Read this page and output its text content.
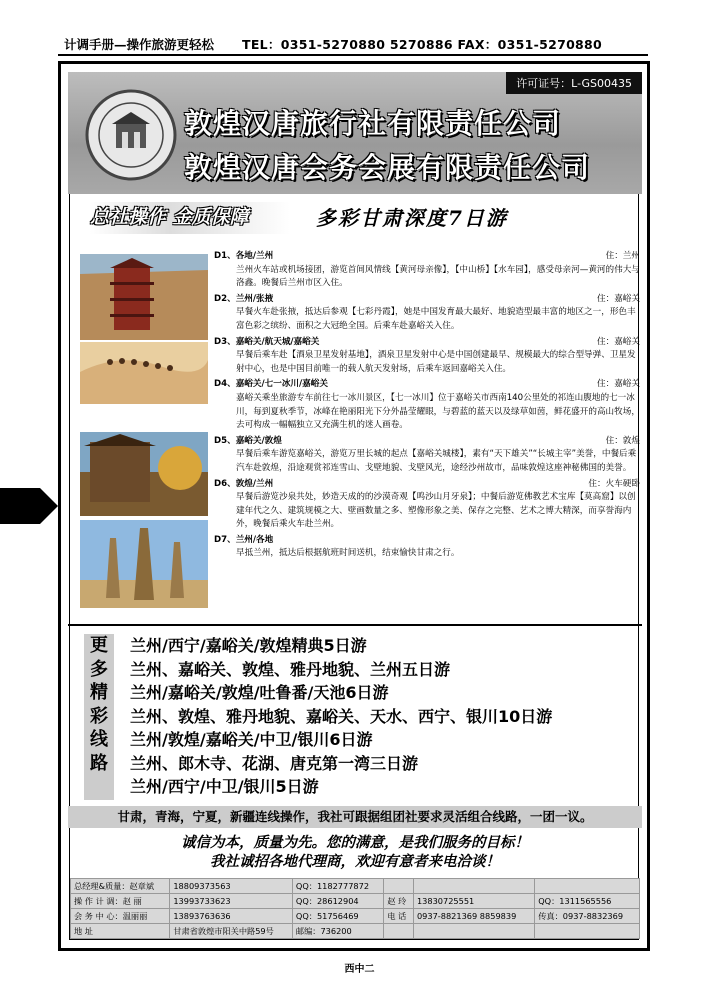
计调手册—操作旅游更轻松 TEL：0351-5270880 5270886 FAX：0351-5270880
许可证号：L-GS00435
敦煌汉唐旅行社有限责任公司
敦煌汉唐会务会展有限责任公司
总社操作 金质保障	多彩甘肃深度7日游
D1、各地/兰州	住：兰州
兰州火车站或机场接团，游览首间风情线【黄河母亲像】，【中山桥】【水车园】，感受母亲河—黄河的伟大与洛鑫。晚餐后兰州市区入住。
D2、兰州/张掖	住：嘉峪关
早餐火车赴张掖，抵达后参观【七彩丹霞】，她是中国发育最大最好、地貌造型最丰富的地区之一，形色丰富色彩之缤纷、面积之大冠绝全国。后乘车赴嘉峪关入住。
D3、嘉峪关/航天城/嘉峪关	住：嘉峪关
早餐后乘车赴【酒泉卫星发射基地】，酒泉卫星发射中心是中国创建最早、规模最大的综合型导弹、卫星发射中心，也是中国目前唯一的载人航天发射场，后乘车返回嘉峪关入住。
D4、嘉峪关/七一冰川/嘉峪关	住：嘉峪关
嘉峪关乘坐旅游专车前往七一冰川景区，【七一冰川】位于嘉峪关市西南140公里处的祁连山腹地的七一冰川，每到夏秋季节，冰峰在艳丽阳光下分外晶莹耀眼，与碧蓝的蓝天以及绿草如茵，鲜花盛开的高山牧场，去可构成一幅幅独立又充满生机的迷人画卷。
D5、嘉峪关/敦煌	住：敦煌
早餐后乘车游览嘉峪关，游览万里长城的起点【嘉峪关城楼】，素有“天下雄关”“长城主宰”美誉，中餐后乘汽车赴敦煌，沿途观赏祁连雪山、戈壁地貌、戈壁风光，途经沙州故市，品味敦煌这座神秘佛国的美誉。
D6、敦煌/兰州	住：火车硬卧
早餐后游览沙泉共处，妙造天成的的沙漠奇观【鸣沙山月牙泉】；中餐后游览佛教艺术宝库【莫高窟】以创建年代之久、建筑规模之大、壁画数量之多、塑像形象之美、保存之完整、艺术之博大精深，而享誉海内外，晚餐后乘火车赴兰州。
D7、兰州/各地
早抵兰州，抵达后根据航班时间送机，结束愉快甘肃之行。
更
多
精
彩
线
路
兰州/西宁/嘉峪关/敦煌精典5日游
兰州、嘉峪关、敦煌、雅丹地貌、兰州五日游
兰州/嘉峪关/敦煌/吐鲁番/天池6日游
兰州、敦煌、雅丹地貌、嘉峪关、天水、西宁、银川10日游
兰州/敦煌/嘉峪关/中卫/银川6日游
兰州、郎木寺、花湖、唐克第一湾三日游
兰州/西宁/中卫/银川5日游
甘肃，青海，宁夏，新疆连线操作，我社可跟据组团社要求灵活组合线路，一团一议。
诚信为本，质量为先。您的满意，是我们服务的目标！
我社诚招各地代理商，欢迎有意者来电洽谈！
总经理&质量：赵章斌	18809373563	QQ：1182777872			
操 作 计 调：赵 丽	13993733623	QQ：28612904	赵 玲	13830725551	QQ：1311565556
会 务 中 心：温丽丽	13893763636	QQ：51756469	电 话	0937-8821369 8859839	传真：0937-8832369
地 址	甘肃省敦煌市阳关中路59号	邮编：736200			
西中二
